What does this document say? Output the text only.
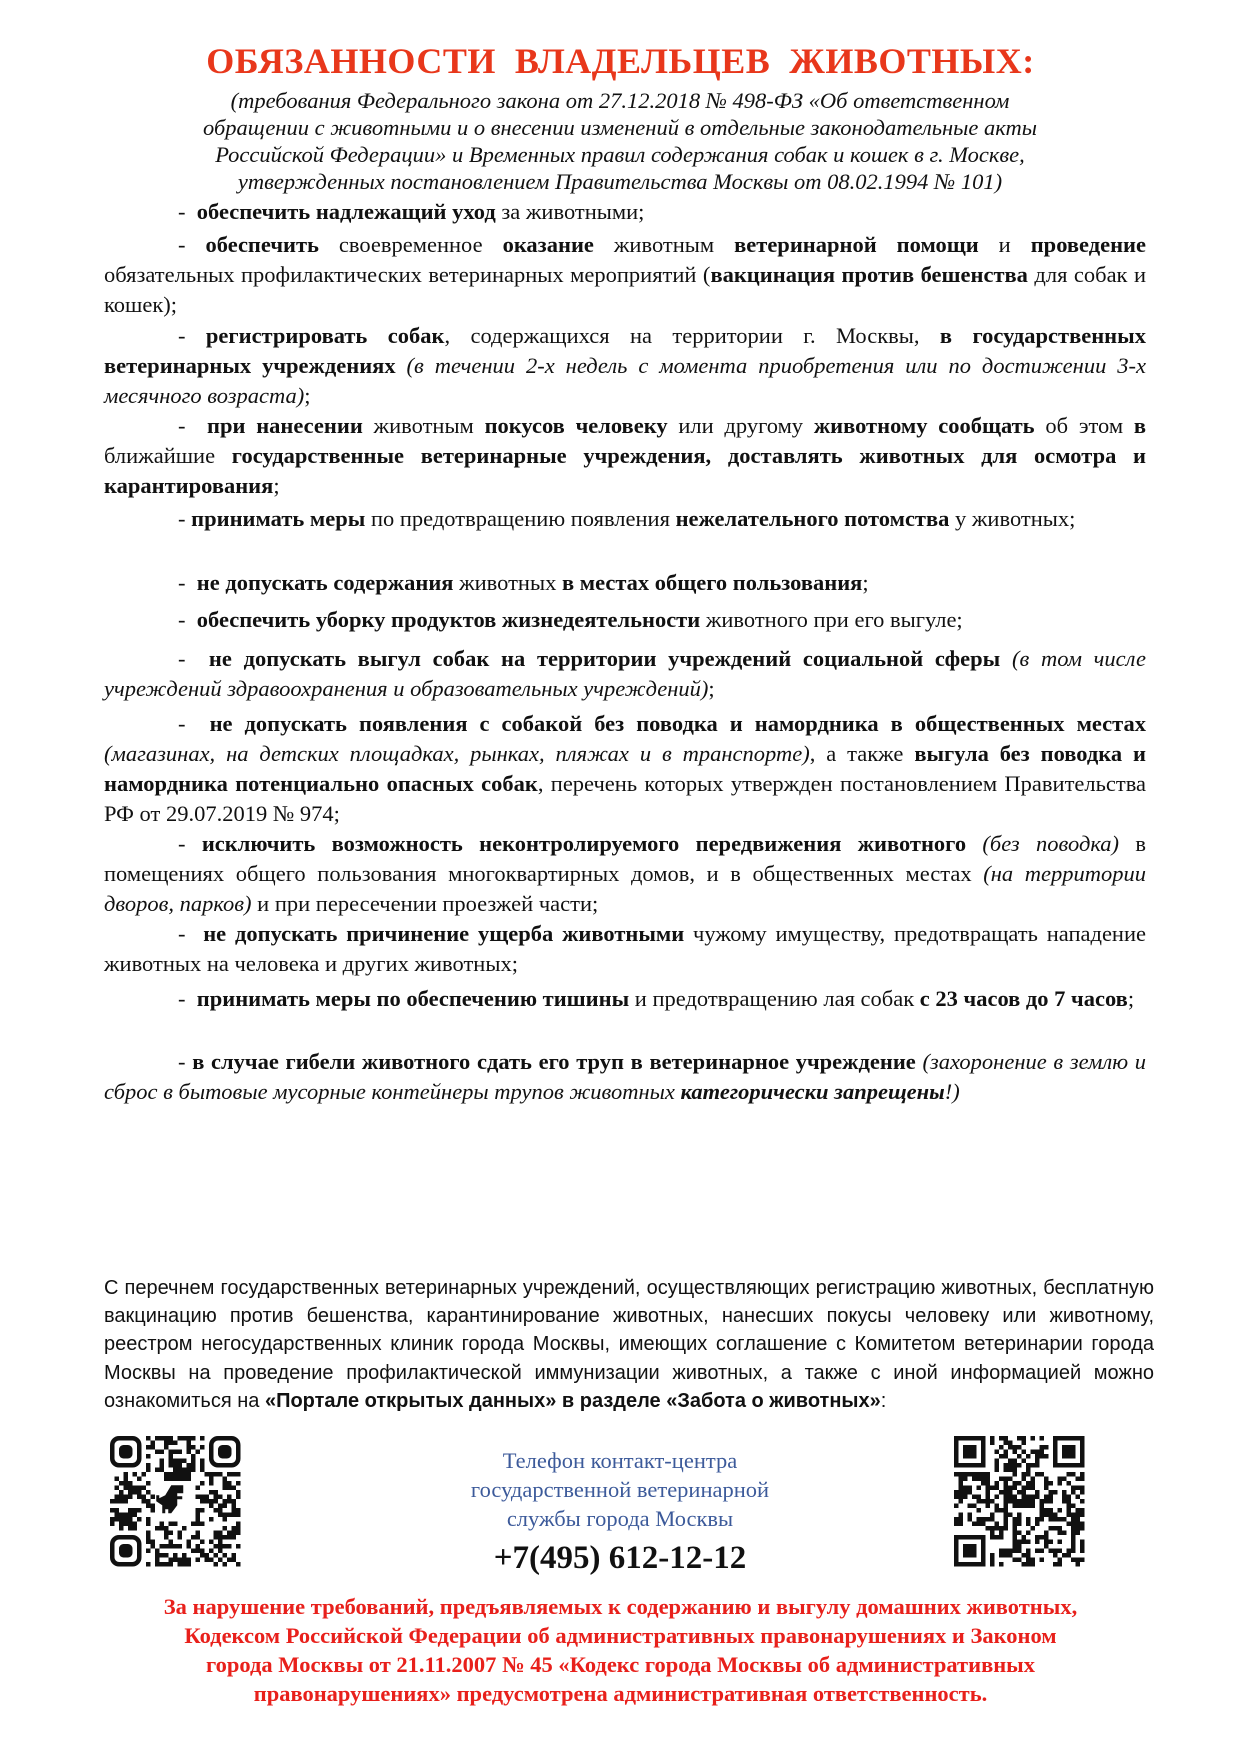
ОБЯЗАННОСТИ  ВЛАДЕЛЬЦЕВ  ЖИВОТНЫХ:
(требования Федерального закона от 27.12.2018 № 498-ФЗ «Об ответственном
обращении с животными и о внесении изменений в отдельные законодательные акты
Российской Федерации» и Временных правил содержания собак и кошек в г. Москве,
утвержденных постановлением Правительства Москвы от 08.02.1994 № 101)
-  обеспечить надлежащий уход за животными;
- обеспечить своевременное оказание животным ветеринарной помощи и проведение обязательных профилактических ветеринарных мероприятий (вакцинация против бешенства для собак и кошек);
- регистрировать собак, содержащихся на территории г. Москвы, в государственных ветеринарных учреждениях (в течении 2-х недель с момента приобретения или по достижении 3-х месячного возраста);
-  при нанесении животным покусов человеку или другому животному сообщать об этом в ближайшие государственные ветеринарные учреждения, доставлять животных для осмотра и карантирования;
- принимать меры по предотвращению появления нежелательного потомства у животных;
-  не допускать содержания животных в местах общего пользования;
-  обеспечить уборку продуктов жизнедеятельности животного при его выгуле;
-  не допускать выгул собак на территории учреждений социальной сферы (в том числе учреждений здравоохранения и образовательных учреждений);
-  не допускать появления с собакой без поводка и намордника в общественных местах (магазинах, на детских площадках, рынках, пляжах и в транспорте), а также выгула без поводка и намордника потенциально опасных собак, перечень которых утвержден постановлением Правительства РФ от 29.07.2019 № 974;
- исключить возможность неконтролируемого передвижения животного (без поводка) в помещениях общего пользования многоквартирных домов, и в общественных местах (на территории дворов, парков) и при пересечении проезжей части;
-  не допускать причинение ущерба животными чужому имуществу, предотвращать нападение животных на человека и других животных;
-  принимать меры по обеспечению тишины и предотвращению лая собак с 23 часов до 7 часов;
- в случае гибели животного сдать его труп в ветеринарное учреждение (захоронение в землю и сброс в бытовые мусорные контейнеры трупов животных категорически запрещены!)
С перечнем государственных ветеринарных учреждений, осуществляющих регистрацию животных, бесплатную вакцинацию против бешенства, карантинирование животных, нанесших покусы человеку или животному, реестром негосударственных клиник города Москвы, имеющих соглашение с Комитетом ветеринарии города Москвы на проведение профилактической иммунизации животных, а также с иной информацией можно ознакомиться на «Портале открытых данных» в разделе «Забота о животных»:
Телефон контакт-центра
государственной ветеринарной
службы города Москвы
+7(495) 612-12-12
За нарушение требований, предъявляемых к содержанию и выгулу домашних животных,
Кодексом Российской Федерации об административных правонарушениях и Законом
города Москвы от 21.11.2007 № 45 «Кодекс города Москвы об административных
правонарушениях» предусмотрена административная ответственность.
